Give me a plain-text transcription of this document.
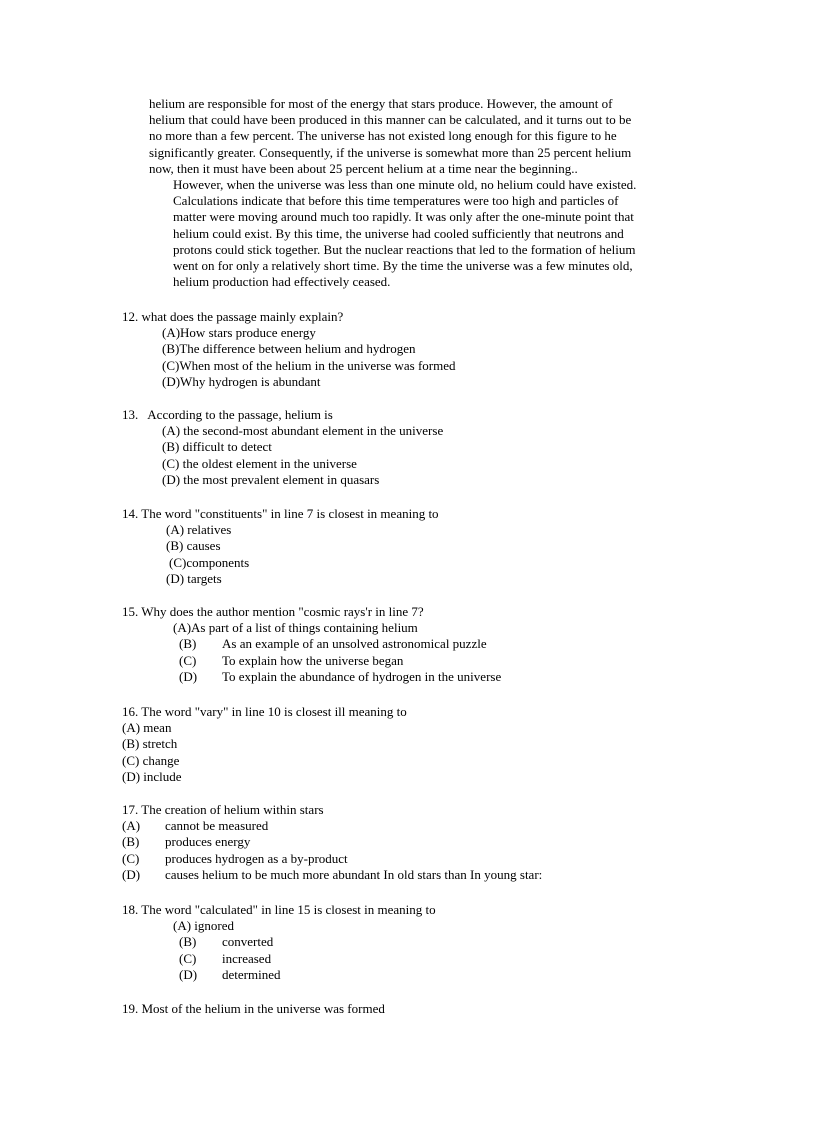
helium are responsible for most of the energy that stars produce. However, the amount of
helium that could have been produced in this manner can be calculated, and it turns out to be
no more than a few percent. The universe has not existed long enough for this figure to he
significantly greater. Consequently, if the universe is somewhat more than 25 percent helium
now, then it must have been about 25 percent helium at a time near the beginning..
However, when the universe was less than one minute old, no helium could have existed.
Calculations indicate that before this time temperatures were too high and particles of
matter were moving around much too rapidly. It was only after the one-minute point that
helium could exist. By this time, the universe had cooled sufficiently that neutrons and
protons could stick together. But the nuclear reactions that led to the formation of helium
went on for only a relatively short time. By the time the universe was a few minutes old,
helium production had effectively ceased.
12. what does the passage mainly explain?
(A)How stars produce energy
(B)The difference between helium and hydrogen
(C)When most of the helium in the universe was formed
(D)Why hydrogen is abundant
13.   According to the passage, helium is
(A) the second-most abundant element in the universe
(B) difficult to detect
(C) the oldest element in the universe
(D) the most prevalent element in quasars
14. The word "constituents" in line 7 is closest in meaning to
(A) relatives
(B) causes
(C)components
(D) targets
15. Why does the author mention "cosmic rays'r in line 7?
(A)As part of a list of things containing helium
(B)	As an example of an unsolved astronomical puzzle
(C)	To explain how the universe began
(D)	To explain the abundance of hydrogen in the universe
16. The word "vary" in line 10 is closest ill meaning to
(A) mean
(B) stretch
(C) change
(D) include
17. The creation of helium within stars
(A)	cannot be measured
(B)	produces energy
(C)	produces hydrogen as a by-product
(D)	causes helium to be much more abundant In old stars than In young star:
18. The word "calculated" in line 15 is closest in meaning to
(A) ignored
(B)	converted
(C)	increased
(D)	determined
19. Most of the helium in the universe was formed
